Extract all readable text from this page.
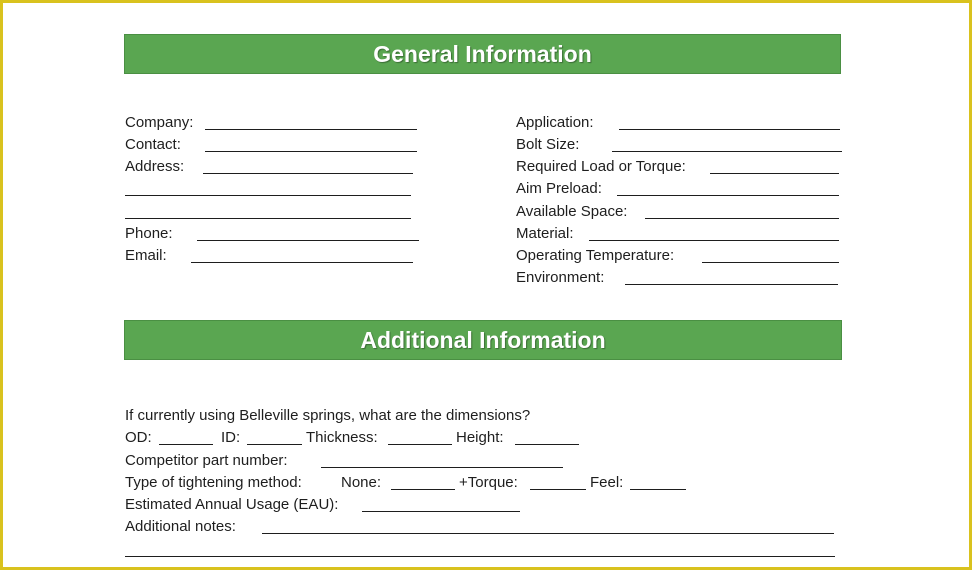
General Information
Company:
Contact:
Address:
Phone:
Email:
Application:
Bolt Size:
Required Load or Torque:
Aim Preload:
Available Space:
Material:
Operating Temperature:
Environment:
Additional Information
If currently using Belleville springs, what are the dimensions?
OD:	ID:	Thickness:	Height:
Competitor part number:
Type of tightening method:	None:	+Torque:	Feel:
Estimated Annual Usage (EAU):
Additional notes:
